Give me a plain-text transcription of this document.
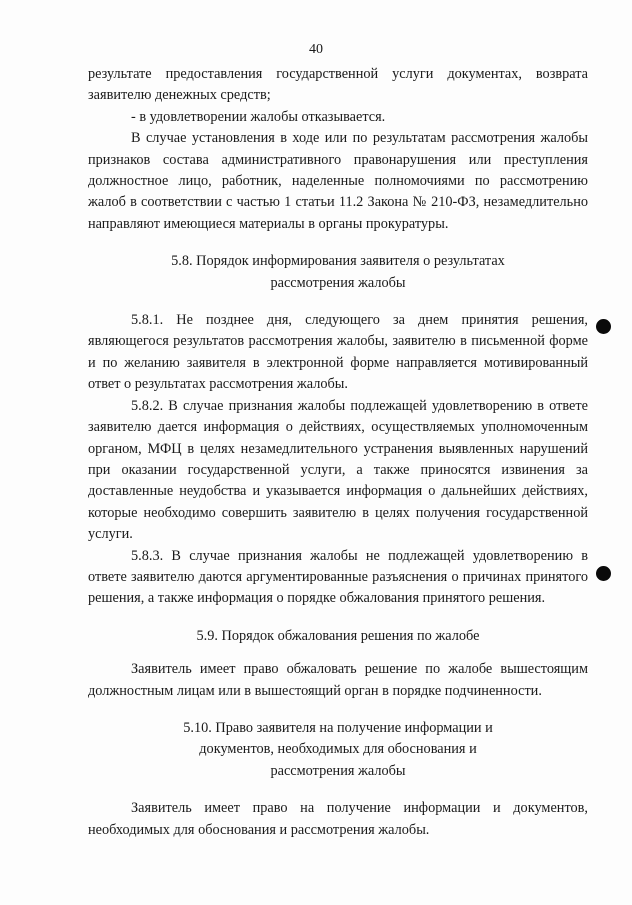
40

результате предоставления государственной услуги документах, возврата заявителю денежных средств;

- в удовлетворении жалобы отказывается.

В случае установления в ходе или по результатам рассмотрения жалобы признаков состава административного правонарушения или преступления должностное лицо, работник, наделенные полномочиями по рассмотрению жалоб в соответствии с частью 1 статьи 11.2 Закона № 210-ФЗ, незамедлительно направляют имеющиеся материалы в органы прокуратуры.

5.8. Порядок информирования заявителя о результатах
рассмотрения жалобы

5.8.1. Не позднее дня, следующего за днем принятия решения, являющегося результатов рассмотрения жалобы, заявителю в письменной форме и по желанию заявителя в электронной форме направляется мотивированный ответ о результатах рассмотрения жалобы.

5.8.2. В случае признания жалобы подлежащей удовлетворению в ответе заявителю дается информация о действиях, осуществляемых уполномоченным органом, МФЦ в целях незамедлительного устранения выявленных нарушений при оказании государственной услуги, а также приносятся извинения за доставленные неудобства и указывается информация о дальнейших действиях, которые необходимо совершить заявителю в целях получения государственной услуги.

5.8.3. В случае признания жалобы не подлежащей удовлетворению в ответе заявителю даются аргументированные разъяснения о причинах принятого решения, а также информация о порядке обжалования принятого решения.

5.9. Порядок обжалования решения по жалобе

Заявитель имеет право обжаловать решение по жалобе вышестоящим должностным лицам или в вышестоящий орган в порядке подчиненности.

5.10. Право заявителя на получение информации и
документов, необходимых для обоснования и
рассмотрения жалобы

Заявитель имеет право на получение информации и документов, необходимых для обоснования и рассмотрения жалобы.
